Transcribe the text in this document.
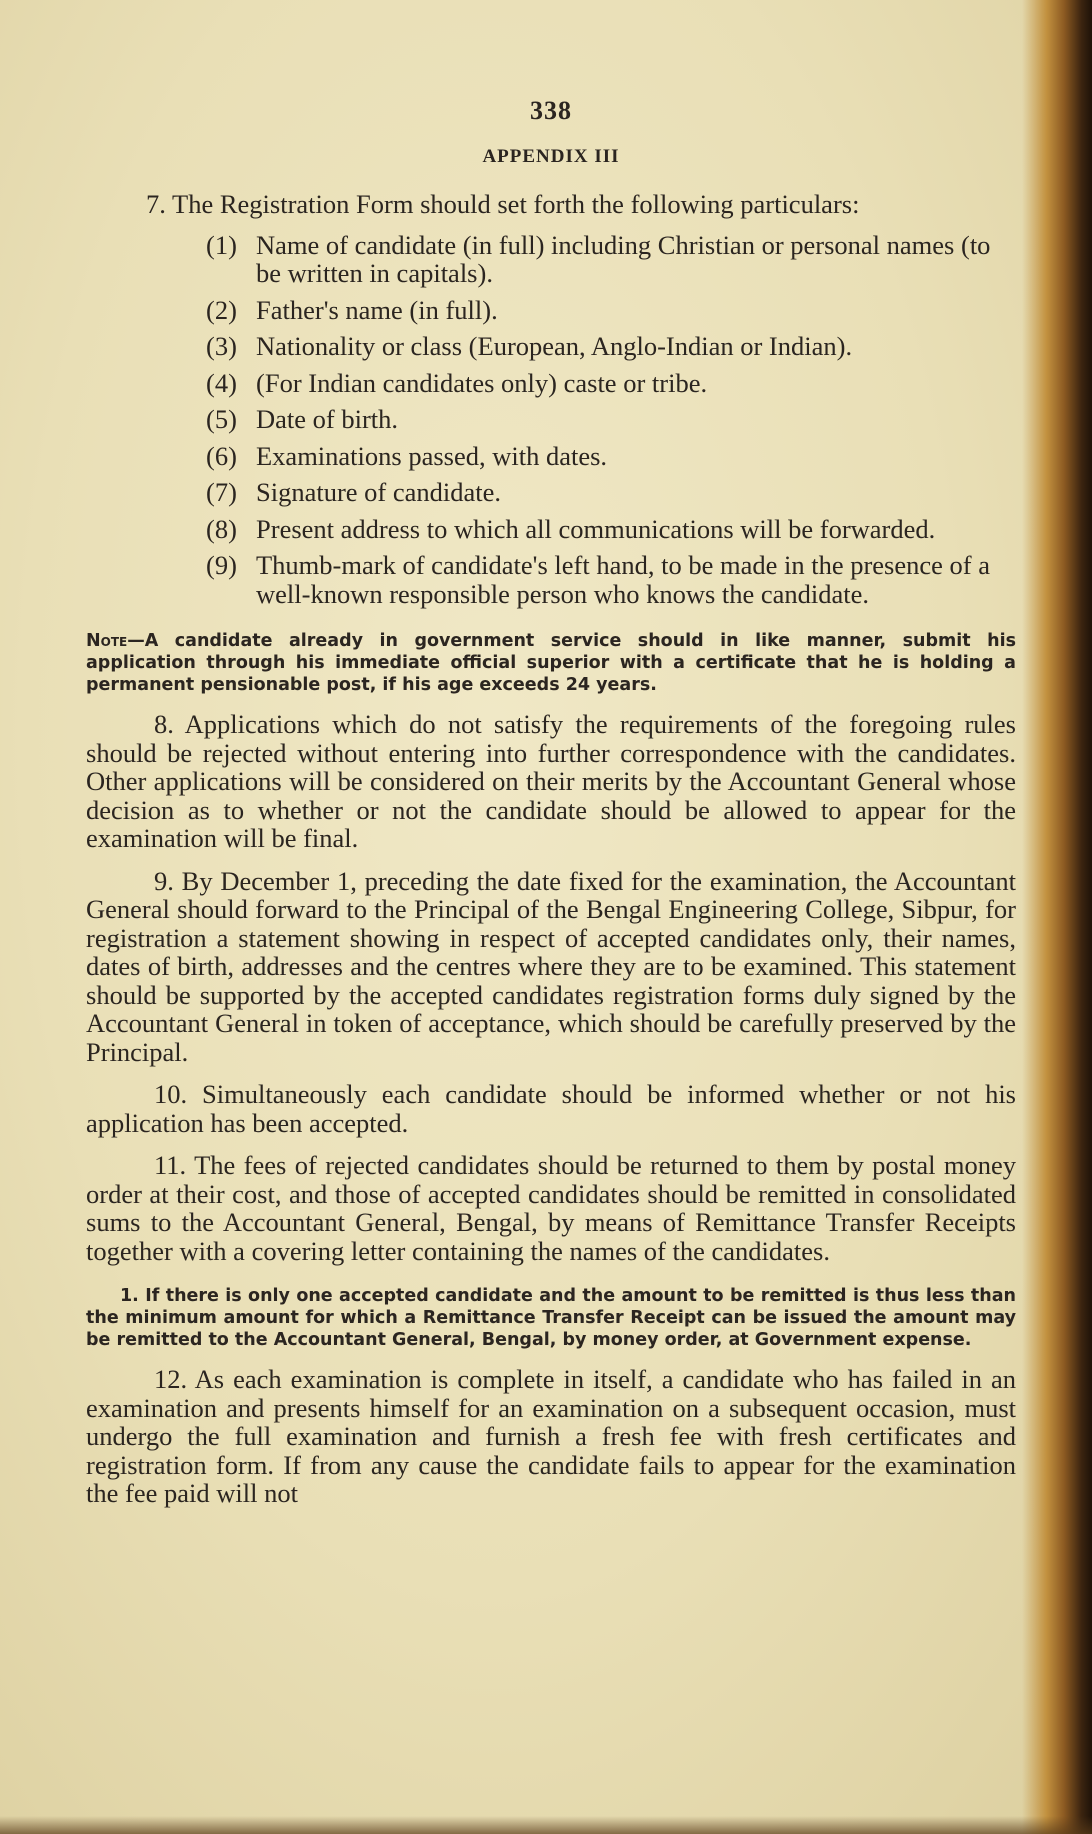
338
APPENDIX III

7. The Registration Form should set forth the following particulars:

(1) Name of candidate (in full) including Christian or personal names (to be written in capitals).
(2) Father's name (in full).
(3) Nationality or class (European, Anglo-Indian or Indian).
(4) (For Indian candidates only) caste or tribe.
(5) Date of birth.
(6) Examinations passed, with dates.
(7) Signature of candidate.
(8) Present address to which all communications will be forwarded.
(9) Thumb-mark of candidate's left hand, to be made in the presence of a well-known responsible person who knows the candidate.

Note—A candidate already in government service should in like manner, submit his application through his immediate official superior with a certificate that he is holding a permanent pensionable post, if his age exceeds 24 years.

8. Applications which do not satisfy the requirements of the foregoing rules should be rejected without entering into further correspondence with the candidates. Other applications will be considered on their merits by the Accountant General whose decision as to whether or not the candidate should be allowed to appear for the examination will be final.

9. By December 1, preceding the date fixed for the examination, the Accountant General should forward to the Principal of the Bengal Engineering College, Sibpur, for registration a statement showing in respect of accepted candidates only, their names, dates of birth, addresses and the centres where they are to be examined. This statement should be supported by the accepted candidates registration forms duly signed by the Accountant General in token of acceptance, which should be carefully preserved by the Principal.

10. Simultaneously each candidate should be informed whether or not his application has been accepted.

11. The fees of rejected candidates should be returned to them by postal money order at their cost, and those of accepted candidates should be remitted in consolidated sums to the Accountant General, Bengal, by means of Remittance Transfer Receipts together with a covering letter containing the names of the candidates.

1. If there is only one accepted candidate and the amount to be remitted is thus less than the minimum amount for which a Remittance Transfer Receipt can be issued the amount may be remitted to the Accountant General, Bengal, by money order, at Government expense.

12. As each examination is complete in itself, a candidate who has failed in an examination and presents himself for an examination on a subsequent occasion, must undergo the full examination and furnish a fresh fee with fresh certificates and registration form. If from any cause the candidate fails to appear for the examination the fee paid will not
